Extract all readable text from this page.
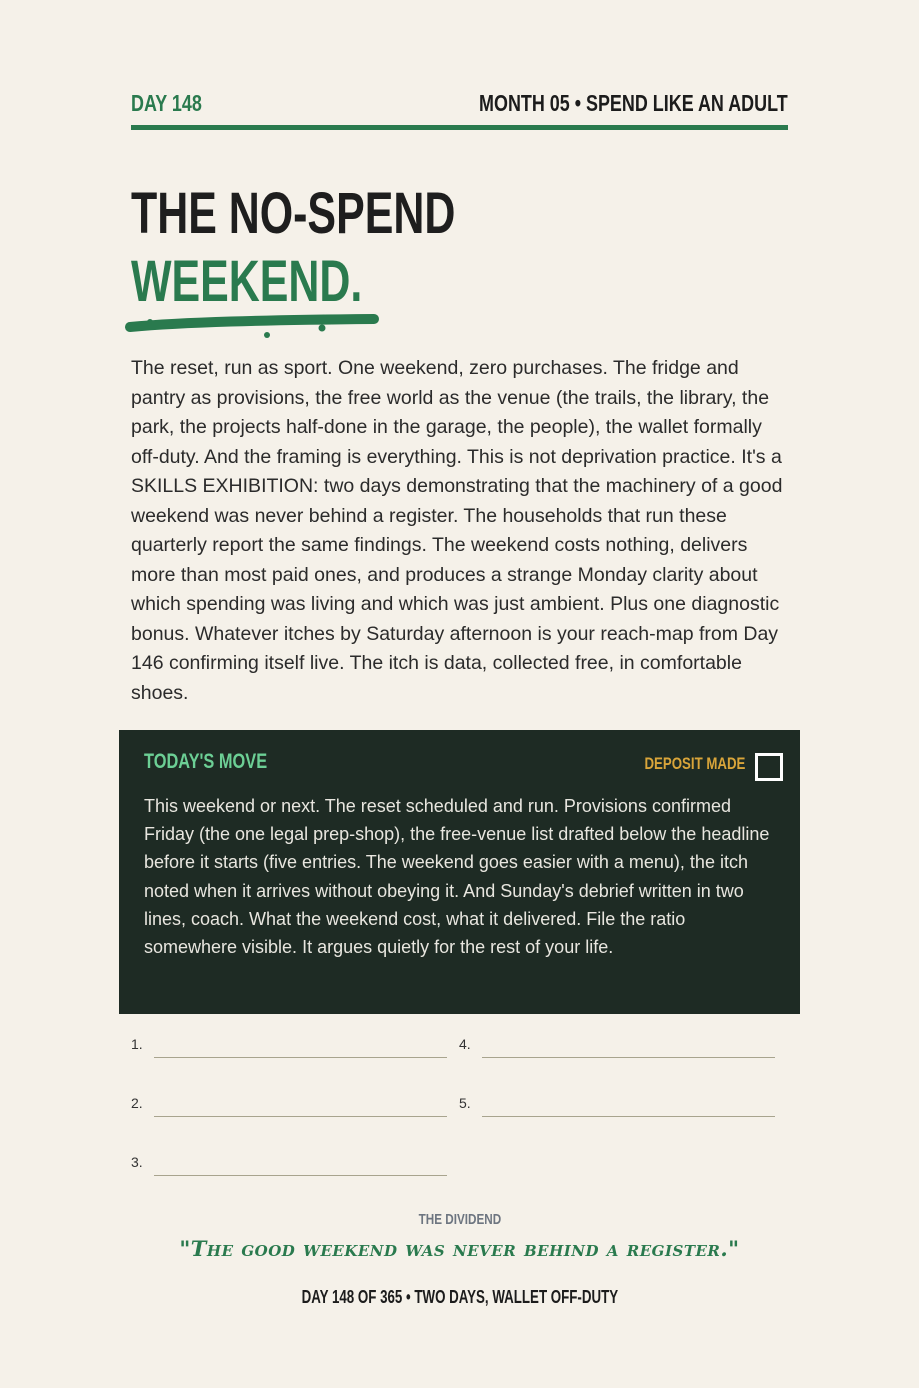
DAY 148	MONTH 05 • SPEND LIKE AN ADULT
THE NO-SPEND
WEEKEND.

The reset, run as sport. One weekend, zero purchases. The fridge and pantry as provisions, the free world as the venue (the trails, the library, the park, the projects half-done in the garage, the people), the wallet formally off-duty. And the framing is everything. This is not deprivation practice. It's a SKILLS EXHIBITION: two days demonstrating that the machinery of a good weekend was never behind a register. The households that run these quarterly report the same findings. The weekend costs nothing, delivers more than most paid ones, and produces a strange Monday clarity about which spending was living and which was just ambient. Plus one diagnostic bonus. Whatever itches by Saturday afternoon is your reach-map from Day 146 confirming itself live. The itch is data, collected free, in comfortable shoes.

TODAY'S MOVE	DEPOSIT MADE

This weekend or next. The reset scheduled and run. Provisions confirmed Friday (the one legal prep-shop), the free-venue list drafted below the headline before it starts (five entries. The weekend goes easier with a menu), the itch noted when it arrives without obeying it. And Sunday's debrief written in two lines, coach. What the weekend cost, what it delivered. File the ratio somewhere visible. It argues quietly for the rest of your life.

1.
2.
3.
4.
5.
THE DIVIDEND
"The good weekend was never behind a register."
DAY 148 OF 365 • TWO DAYS, WALLET OFF-DUTY
